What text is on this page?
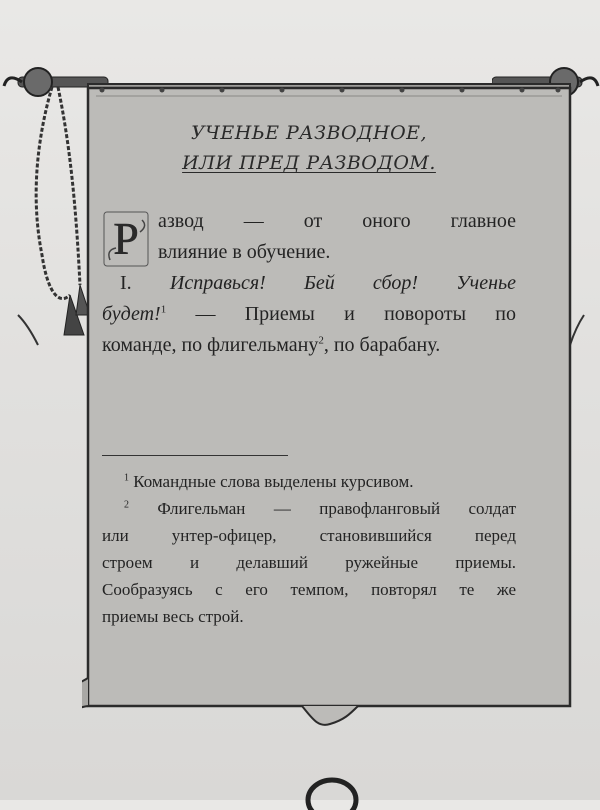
УЧЕНЬЕ РАЗВОДНОЕ,
ИЛИ ПРЕД РАЗВОДОМ.
Р азвод — от оного главное

влияние в обучение.

I. Исправься! Бей сбор! Ученье

будет!$^1$ — Приемы и повороты по

команде, по флигельману$^2$, по барабану.

$^1$ Командные слова выделены курсивом.

$^2$ Флигельман — правофланговый солдат

или унтер-офицер, становившийся перед

строем и делавший ружейные приемы.

Сообразуясь с его темпом, повторял те же

приемы весь строй.
